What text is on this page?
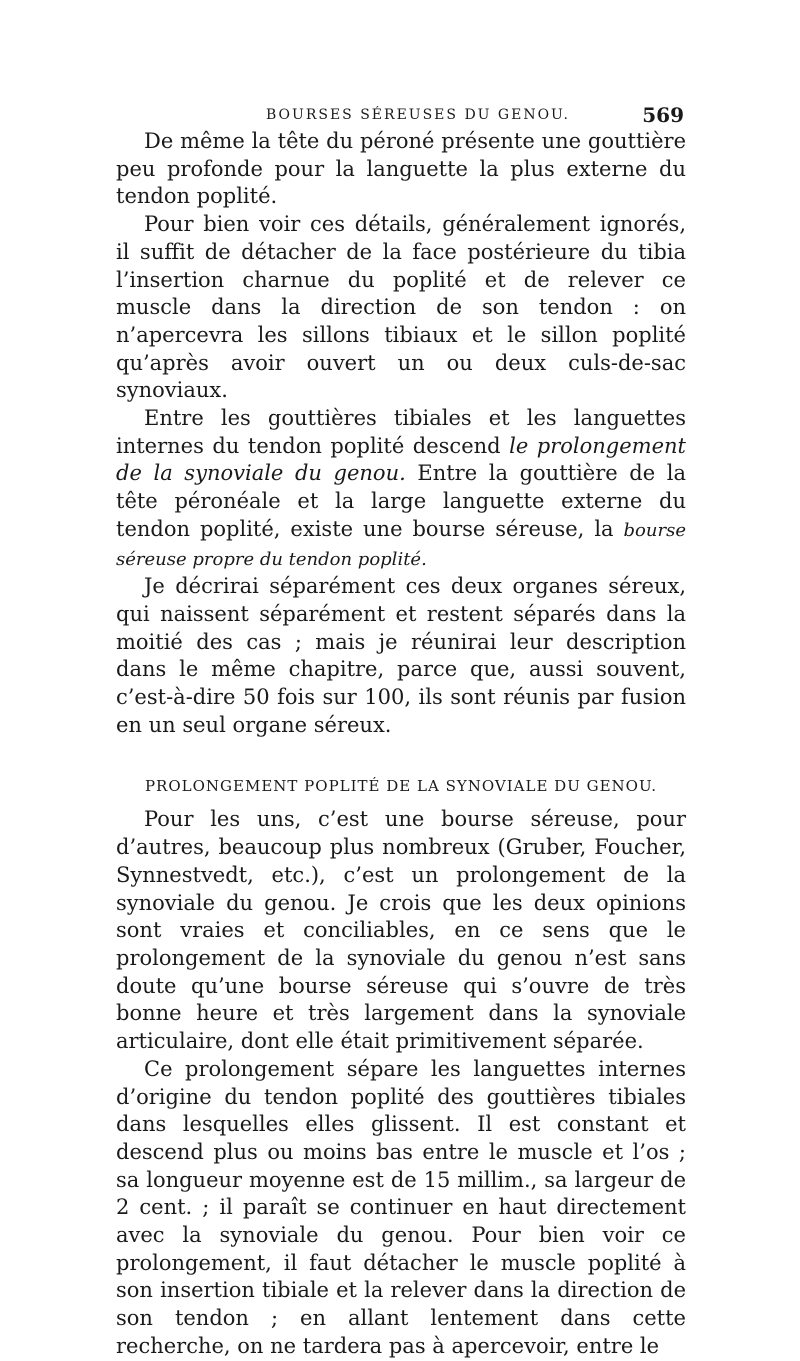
BOURSES SÉREUSES DU GENOU.	569

De même la tête du péroné présente une gouttière peu profonde pour la languette la plus externe du tendon poplité.

Pour bien voir ces détails, généralement ignorés, il suffit de détacher de la face postérieure du tibia l’insertion charnue du poplité et de relever ce muscle dans la direction de son tendon : on n’apercevra les sillons tibiaux et le sillon poplité qu’après avoir ouvert un ou deux culs-de-sac synoviaux.

Entre les gouttières tibiales et les languettes internes du tendon poplité descend le prolongement de la synoviale du genou. Entre la gouttière de la tête péronéale et la large languette externe du tendon poplité, existe une bourse séreuse, la bourse séreuse propre du tendon poplité.

Je décrirai séparément ces deux organes séreux, qui naissent séparément et restent séparés dans la moitié des cas ; mais je réunirai leur description dans le même chapitre, parce que, aussi souvent, c’est-à-dire 50 fois sur 100, ils sont réunis par fusion en un seul organe séreux.

PROLONGEMENT POPLITÉ DE LA SYNOVIALE DU GENOU.

Pour les uns, c’est une bourse séreuse, pour d’autres, beaucoup plus nombreux (Gruber, Foucher, Synnestvedt, etc.), c’est un prolongement de la synoviale du genou. Je crois que les deux opinions sont vraies et conciliables, en ce sens que le prolongement de la synoviale du genou n’est sans doute qu’une bourse séreuse qui s’ouvre de très bonne heure et très largement dans la synoviale articulaire, dont elle était primitivement séparée.

Ce prolongement sépare les languettes internes d’origine du tendon poplité des gouttières tibiales dans lesquelles elles glissent. Il est constant et descend plus ou moins bas entre le muscle et l’os ; sa longueur moyenne est de 15 millim., sa largeur de 2 cent. ; il paraît se continuer en haut directement avec la synoviale du genou. Pour bien voir ce prolongement, il faut détacher le muscle poplité à son insertion tibiale et la relever dans la direction de son tendon ; en allant lentement dans cette recherche, on ne tardera pas à apercevoir, entre le
